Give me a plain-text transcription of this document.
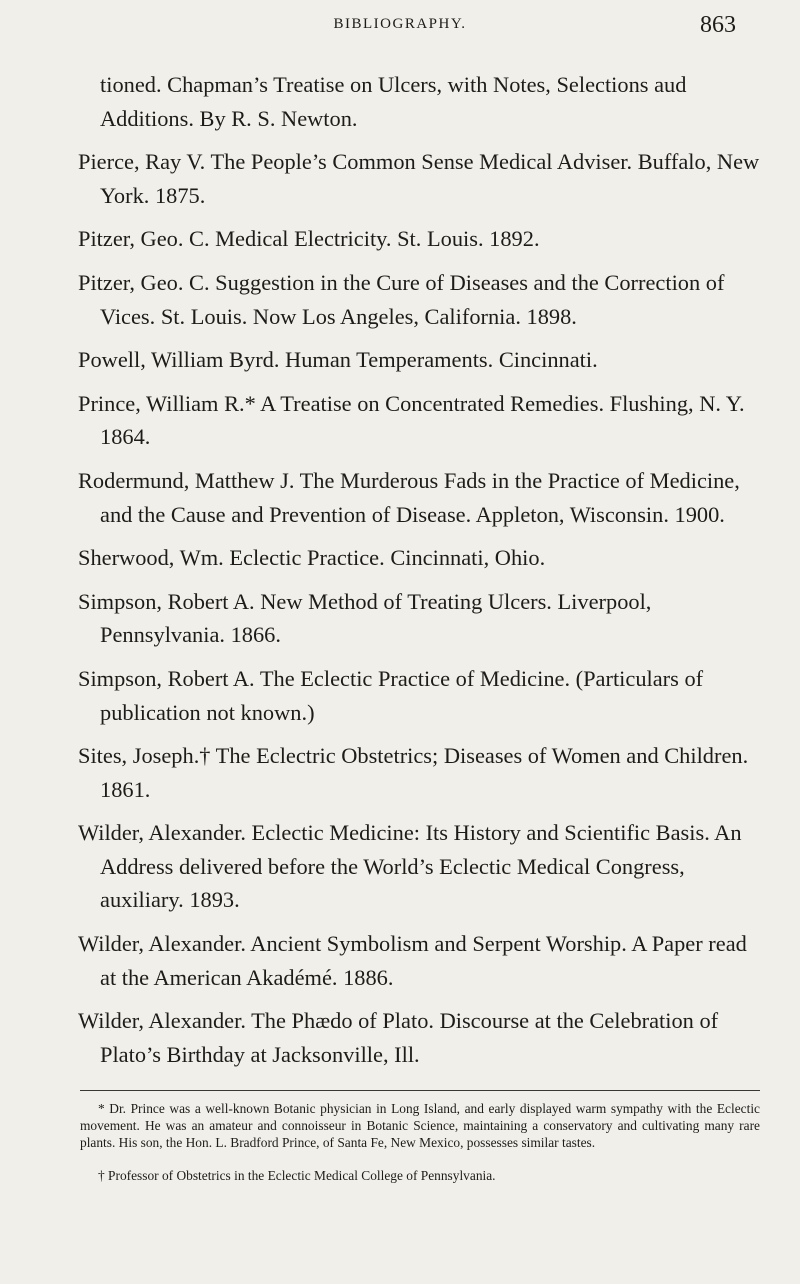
BIBLIOGRAPHY.	863

tioned. Chapman’s Treatise on Ulcers, with Notes, Selections aud Additions. By R. S. Newton.

Pierce, Ray V. The People’s Common Sense Medical Adviser. Buffalo, New York. 1875.

Pitzer, Geo. C. Medical Electricity. St. Louis. 1892.

Pitzer, Geo. C. Suggestion in the Cure of Diseases and the Correction of Vices. St. Louis. Now Los Angeles, California. 1898.

Powell, William Byrd. Human Temperaments. Cincinnati.

Prince, William R.* A Treatise on Concentrated Remedies. Flushing, N. Y. 1864.

Rodermund, Matthew J. The Murderous Fads in the Practice of Medicine, and the Cause and Prevention of Disease. Appleton, Wisconsin. 1900.

Sherwood, Wm. Eclectic Practice. Cincinnati, Ohio.

Simpson, Robert A. New Method of Treating Ulcers. Liverpool, Pennsylvania. 1866.

Simpson, Robert A. The Eclectic Practice of Medicine. (Particulars of publication not known.)

Sites, Joseph.† The Eclectric Obstetrics; Diseases of Women and Children. 1861.

Wilder, Alexander. Eclectic Medicine: Its History and Scientific Basis. An Address delivered before the World’s Eclectic Medical Congress, auxiliary. 1893.

Wilder, Alexander. Ancient Symbolism and Serpent Worship. A Paper read at the American Akadémé. 1886.

Wilder, Alexander. The Phædo of Plato. Discourse at the Celebration of Plato’s Birthday at Jacksonville, Ill.

* Dr. Prince was a well-known Botanic physician in Long Island, and early displayed warm sympathy with the Eclectic movement. He was an amateur and connoisseur in Botanic Science, maintaining a conservatory and cultivating many rare plants. His son, the Hon. L. Bradford Prince, of Santa Fe, New Mexico, possesses similar tastes.

† Professor of Obstetrics in the Eclectic Medical College of Pennsylvania.
